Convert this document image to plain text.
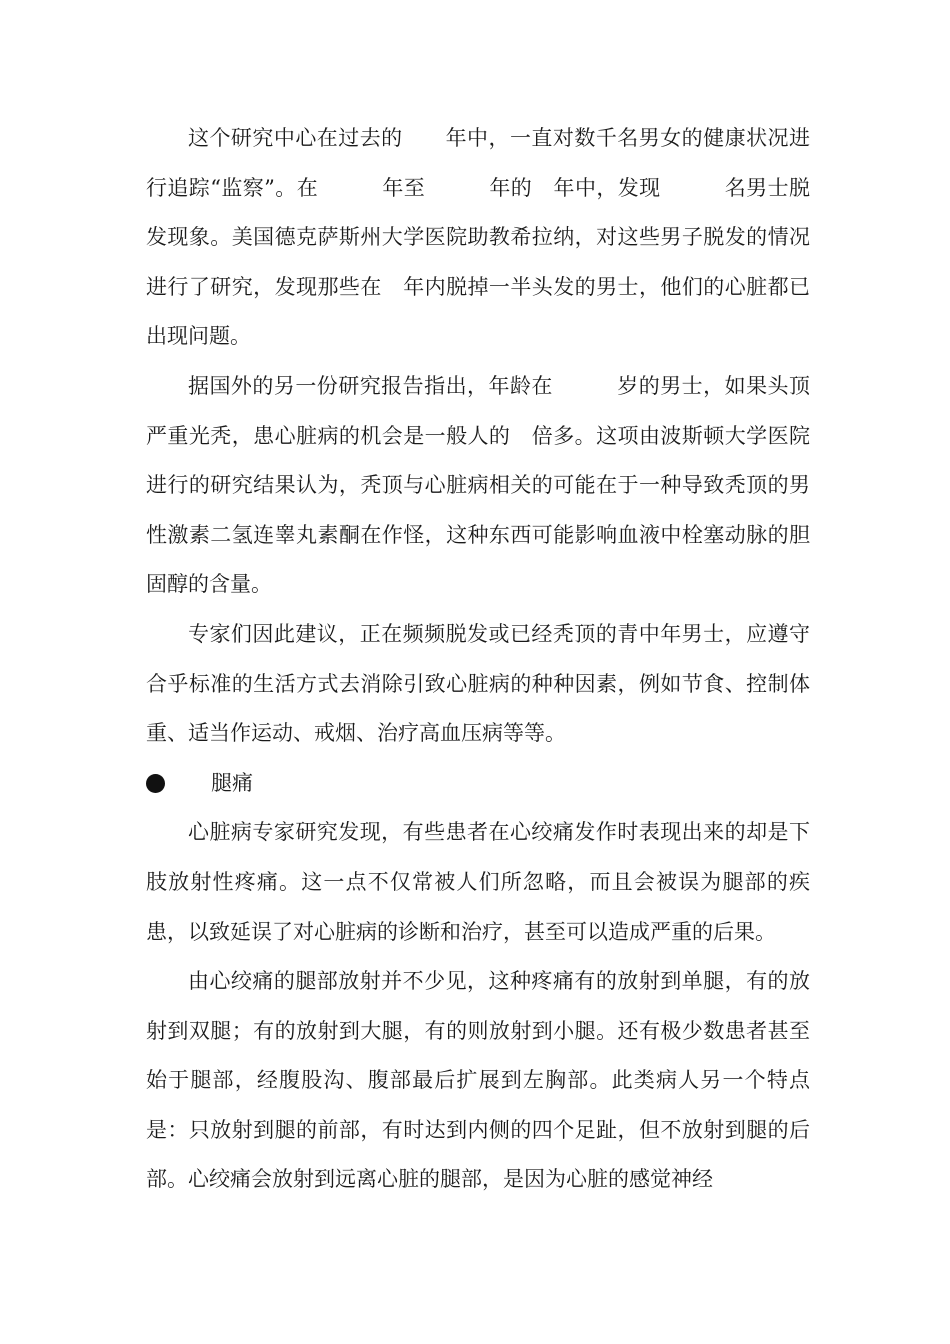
这个研究中心在过去的　　年中，一直对数千名男女的健康状况进行追踪“监察”。在　　　年至　　　年的　年中，发现　　　名男士脱发现象。美国德克萨斯州大学医院助教希拉纳，对这些男子脱发的情况进行了研究，发现那些在　年内脱掉一半头发的男士，他们的心脏都已出现问题。

据国外的另一份研究报告指出，年龄在　　　岁的男士，如果头顶严重光秃，患心脏病的机会是一般人的　倍多。这项由波斯顿大学医院进行的研究结果认为，秃顶与心脏病相关的可能在于一种导致秃顶的男性激素二氢连睾丸素酮在作怪，这种东西可能影响血液中栓塞动脉的胆固醇的含量。

专家们因此建议，正在频频脱发或已经秃顶的青中年男士，应遵守合乎标准的生活方式去消除引致心脏病的种种因素，例如节食、控制体重、适当作运动、戒烟、治疗高血压病等等。

腿痛

心脏病专家研究发现，有些患者在心绞痛发作时表现出来的却是下肢放射性疼痛。这一点不仅常被人们所忽略，而且会被误为腿部的疾患，以致延误了对心脏病的诊断和治疗，甚至可以造成严重的后果。

由心绞痛的腿部放射并不少见，这种疼痛有的放射到单腿，有的放射到双腿；有的放射到大腿，有的则放射到小腿。还有极少数患者甚至始于腿部，经腹股沟、腹部最后扩展到左胸部。此类病人另一个特点是：只放射到腿的前部，有时达到内侧的四个足趾，但不放射到腿的后部。心绞痛会放射到远离心脏的腿部，是因为心脏的感觉神经
